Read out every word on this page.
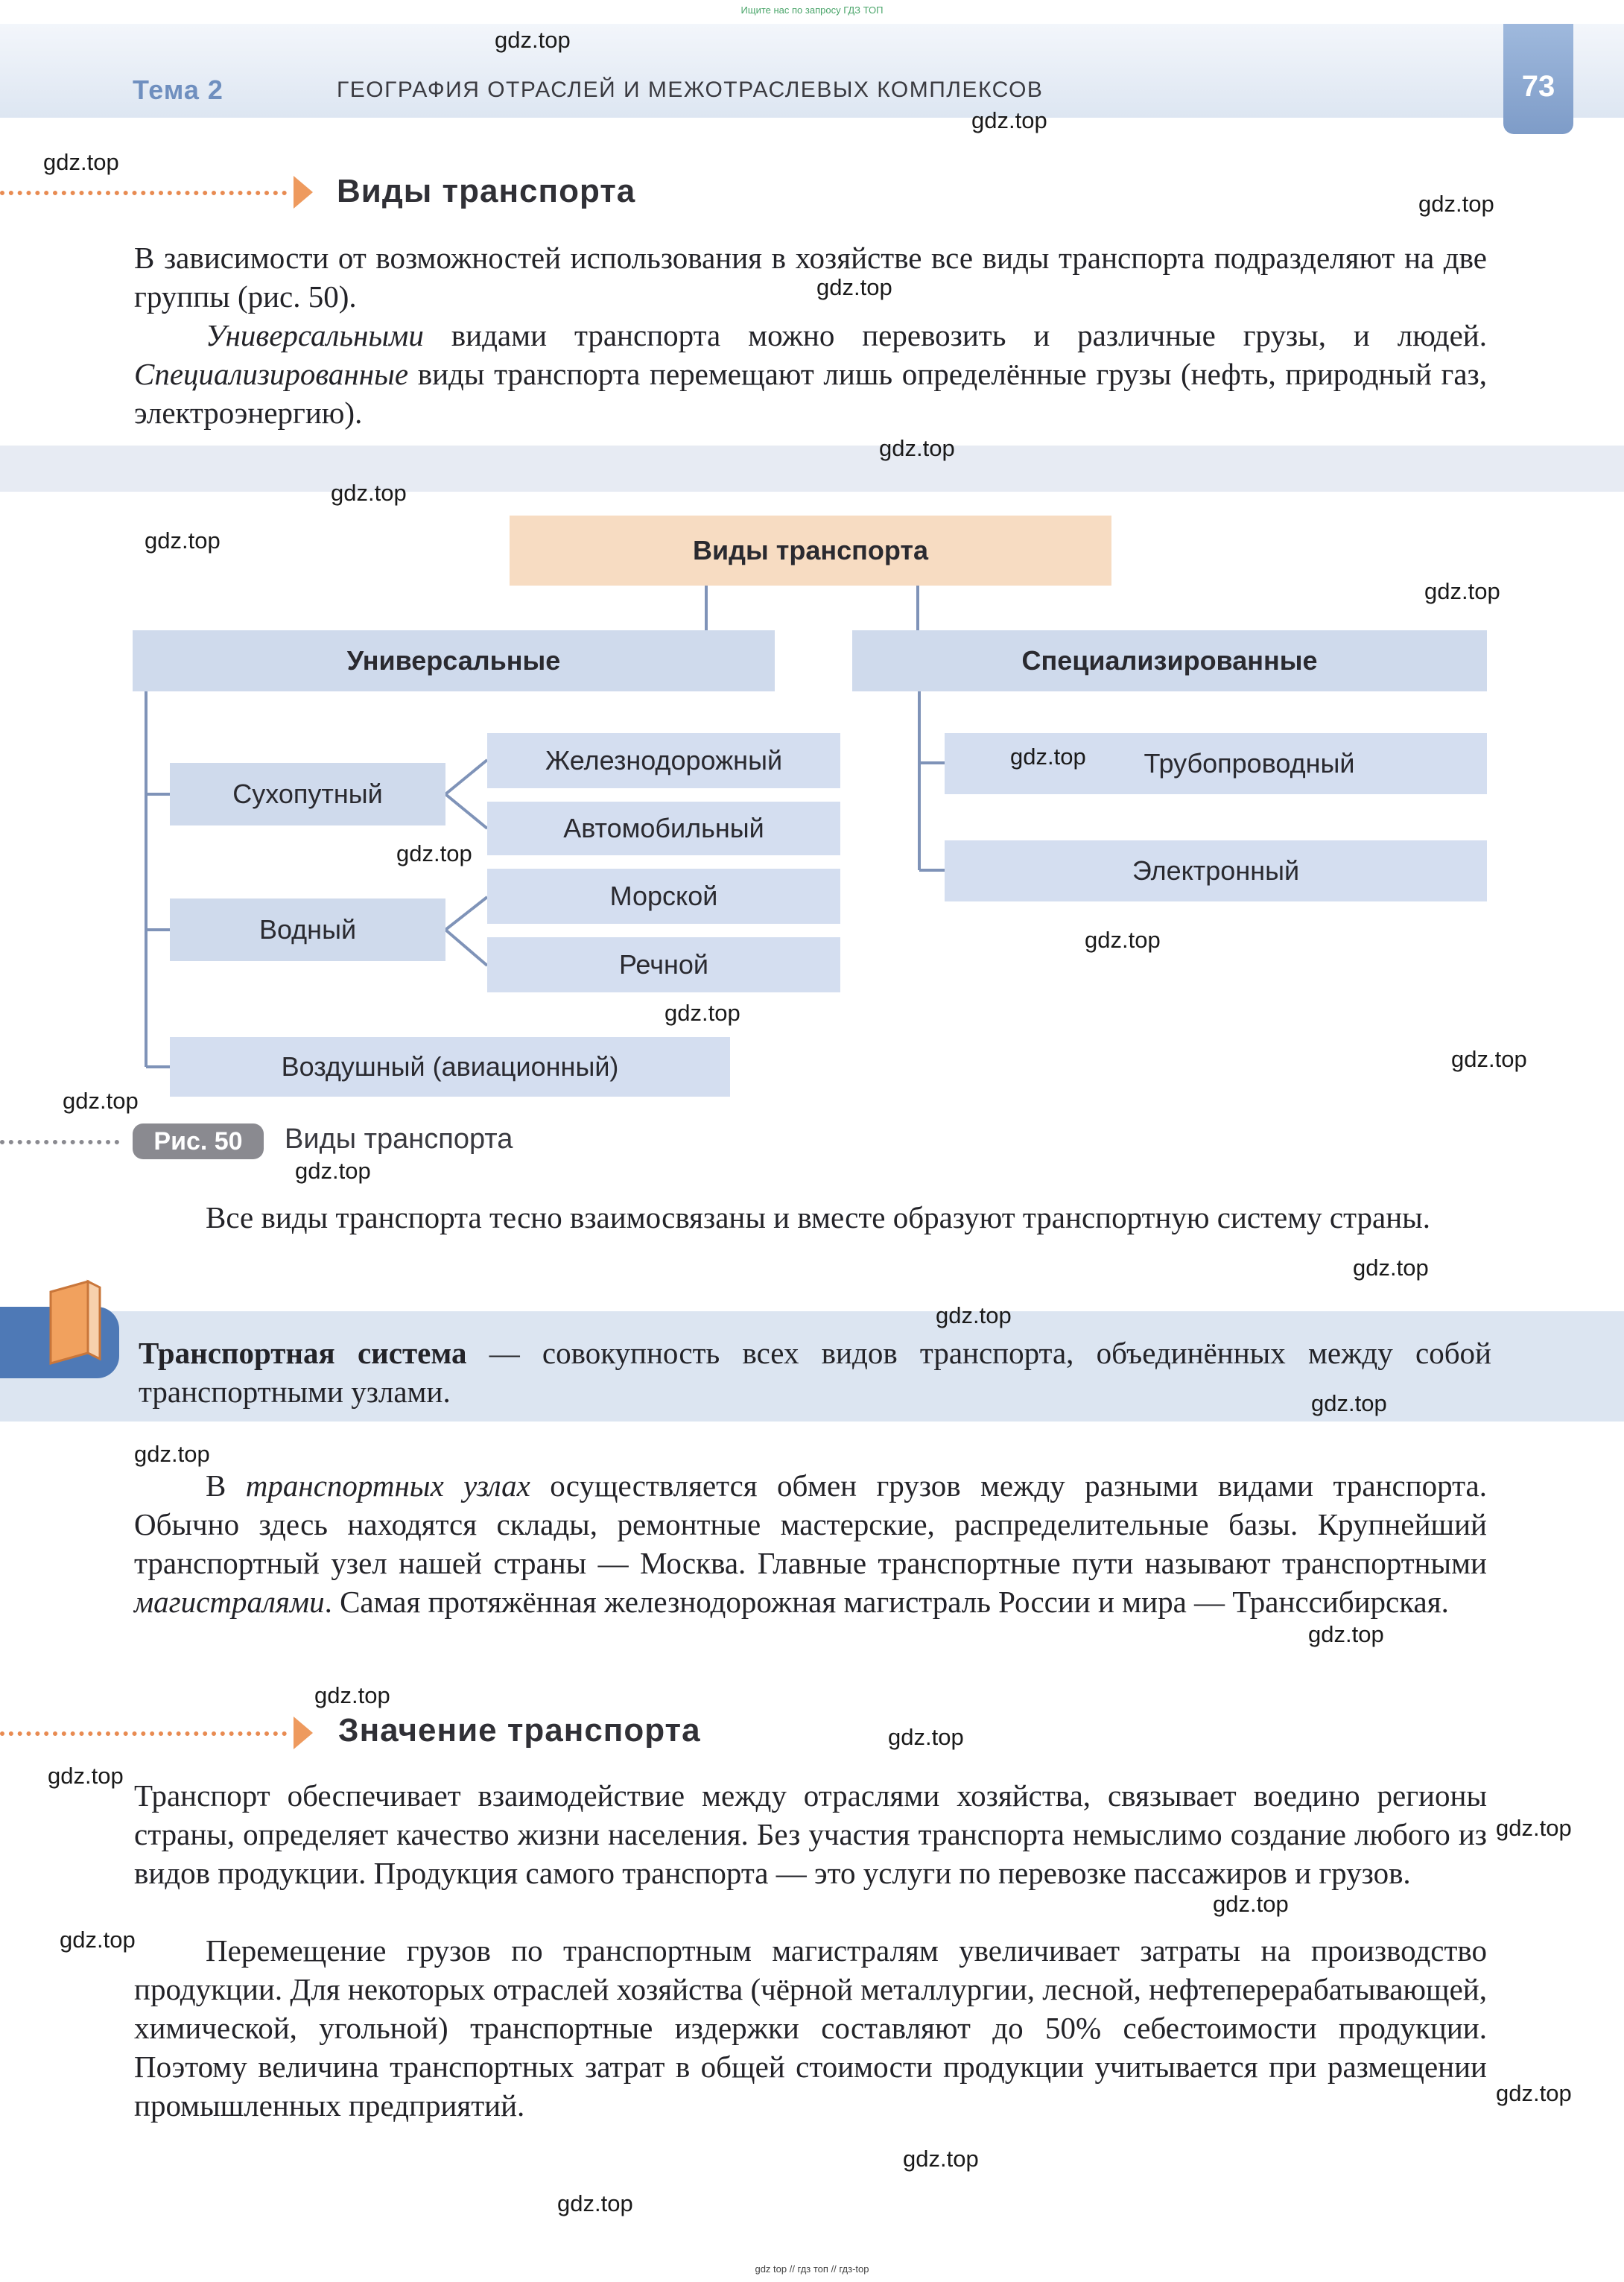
Ищите нас по запросу ГДЗ ТОП
Тема 2	ГЕОГРАФИЯ ОТРАСЛЕЙ И МЕЖОТРАСЛЕВЫХ КОМПЛЕКСОВ	73
Виды транспорта
В зависимости от возможностей использования в хозяйстве все виды транспорта подразделяют на две группы (рис. 50).
Универсальными видами транспорта можно перевозить и различные грузы, и людей. Специализированные виды транспорта перемещают лишь определённые грузы (нефть, природный газ, электроэнергию).
Виды транспорта
Универсальные	Специализированные
Сухопутный
Водный
Воздушный (авиационный)
Железнодорожный
Автомобильный
Морской
Речной
Трубопроводный
Электронный
Рис. 50	Виды транспорта
Все виды транспорта тесно взаимосвязаны и вместе образуют транспортную систему страны.
Транспортная система — совокупность всех видов транспорта, объединённых между собой транспортными узлами.
В транспортных узлах осуществляется обмен грузов между разными видами транспорта. Обычно здесь находятся склады, ремонтные мастерские, распределительные базы. Крупнейший транспортный узел нашей страны — Москва. Главные транспортные пути называют транспортными магистралями. Самая протяжённая железнодорожная магистраль России и мира — Транссибирская.
Значение транспорта
Транспорт обеспечивает взаимодействие между отраслями хозяйства, связывает воедино регионы страны, определяет качество жизни населения. Без участия транспорта немыслимо создание любого из видов продукции. Продукция самого транспорта — это услуги по перевозке пассажиров и грузов.
Перемещение грузов по транспортным магистралям увеличивает затраты на производство продукции. Для некоторых отраслей хозяйства (чёрной металлургии, лесной, нефтеперерабатывающей, химической, угольной) транспортные издержки составляют до 50% себестоимости продукции. Поэтому величина транспортных затрат в общей стоимости продукции учитывается при размещении промышленных предприятий.
gdz.top
gdz.top
gdz.top
gdz.top
gdz.top
gdz.top
gdz.top
gdz.top
gdz.top
gdz.top
gdz.top
gdz.top
gdz.top
gdz.top
gdz.top
gdz.top
gdz.top
gdz.top
gdz.top
gdz.top
gdz.top
gdz.top
gdz.top
gdz.top
gdz.top
gdz.top
gdz.top
gdz.top
gdz.top
gdz.top
gdz top // гдз топ // гдз-top
